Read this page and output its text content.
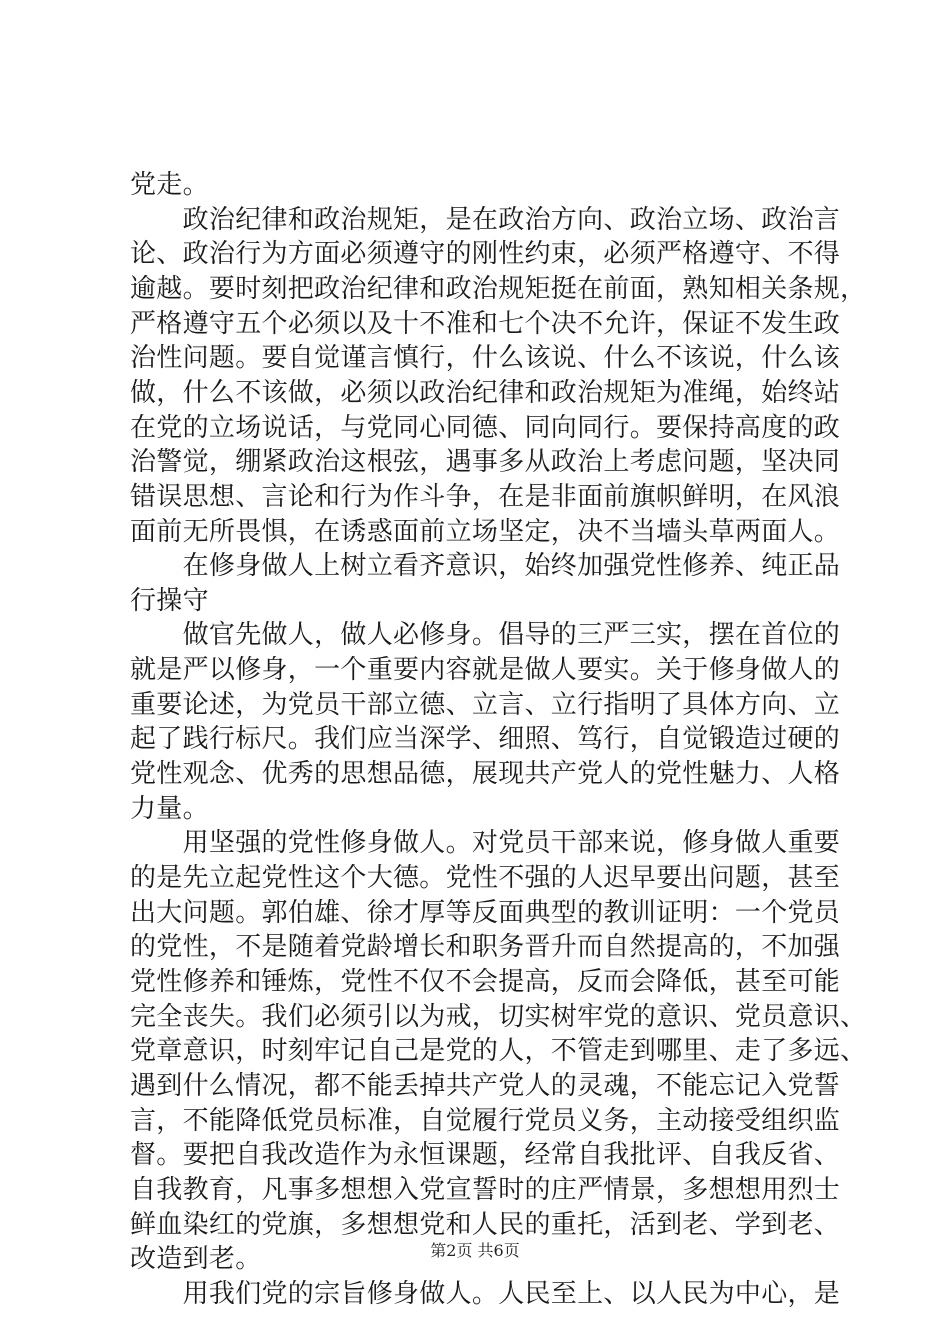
党走。
　　政治纪律和政治规矩，是在政治方向、政治立场、政治言
论、政治行为方面必须遵守的刚性约束，必须严格遵守、不得
逾越。要时刻把政治纪律和政治规矩挺在前面，熟知相关条规，
严格遵守五个必须以及十不准和七个决不允许，保证不发生政
治性问题。要自觉谨言慎行，什么该说、什么不该说，什么该
做，什么不该做，必须以政治纪律和政治规矩为准绳，始终站
在党的立场说话，与党同心同德、同向同行。要保持高度的政
治警觉，绷紧政治这根弦，遇事多从政治上考虑问题，坚决同
错误思想、言论和行为作斗争，在是非面前旗帜鲜明，在风浪
面前无所畏惧，在诱惑面前立场坚定，决不当墙头草两面人。
　　在修身做人上树立看齐意识，始终加强党性修养、纯正品
行操守
　　做官先做人，做人必修身。倡导的三严三实，摆在首位的
就是严以修身，一个重要内容就是做人要实。关于修身做人的
重要论述，为党员干部立德、立言、立行指明了具体方向、立
起了践行标尺。我们应当深学、细照、笃行，自觉锻造过硬的
党性观念、优秀的思想品德，展现共产党人的党性魅力、人格
力量。
　　用坚强的党性修身做人。对党员干部来说，修身做人重要
的是先立起党性这个大德。党性不强的人迟早要出问题，甚至
出大问题。郭伯雄、徐才厚等反面典型的教训证明：一个党员
的党性，不是随着党龄增长和职务晋升而自然提高的，不加强
党性修养和锤炼，党性不仅不会提高，反而会降低，甚至可能
完全丧失。我们必须引以为戒，切实树牢党的意识、党员意识、
党章意识，时刻牢记自己是党的人，不管走到哪里、走了多远、
遇到什么情况，都不能丢掉共产党人的灵魂，不能忘记入党誓
言，不能降低党员标准，自觉履行党员义务，主动接受组织监
督。要把自我改造作为永恒课题，经常自我批评、自我反省、
自我教育，凡事多想想入党宣誓时的庄严情景，多想想用烈士
鲜血染红的党旗，多想想党和人民的重托，活到老、学到老、
改造到老。
　　用我们党的宗旨修身做人。人民至上、以人民为中心，是
第2页 共6页
